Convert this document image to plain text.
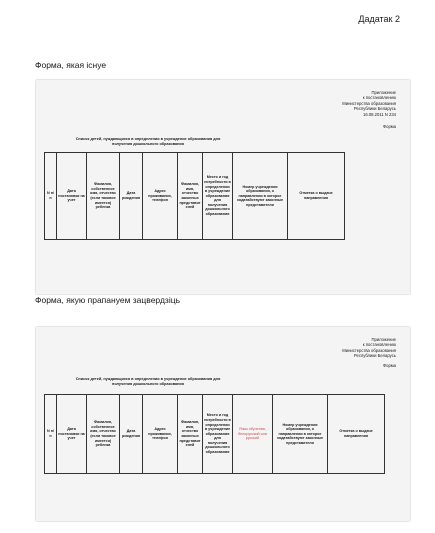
Дадатак 2
Форма, якая існуе
Приложение
к постановлению
Министерства образования
Республики Беларусь
16.08.2011 N 234
Форма
Список детей, нуждающихся в определении в учреждение образования для
получения дошкольного образования
N п/п	Дата постановки на учет	Фамилия, собственное имя, отчество (если таковое имеется) ребенка	Дата рождения	Адрес проживания, телефон	Фамилия, имя, отчество законных представителей	Место и год потребности в определении в учреждение образования для получения дошкольного образования	Номер учреждения образования, о направлении в которое ходатайствуют законные представители	Отметка о выдаче направления
Форма, якую прапануем зацвердзіць
Приложение
к постановлению
Министерства образования
Республики Беларусь
Форма
Список детей, нуждающихся в определении в учреждение образования для
получения дошкольного образования
N п/п	Дата постановки на учет	Фамилия, собственное имя, отчество (если таковое имеется) ребенка	Дата рождения	Адрес проживания, телефон	Фамилия, имя, отчество законных представителей	Место и год потребности в определении в учреждение образования для получения дошкольного образования	Язык обучения, белорусский или русский	Номер учреждения образования, о направлении в которое ходатайствуют законные представители	Отметка о выдаче направления
